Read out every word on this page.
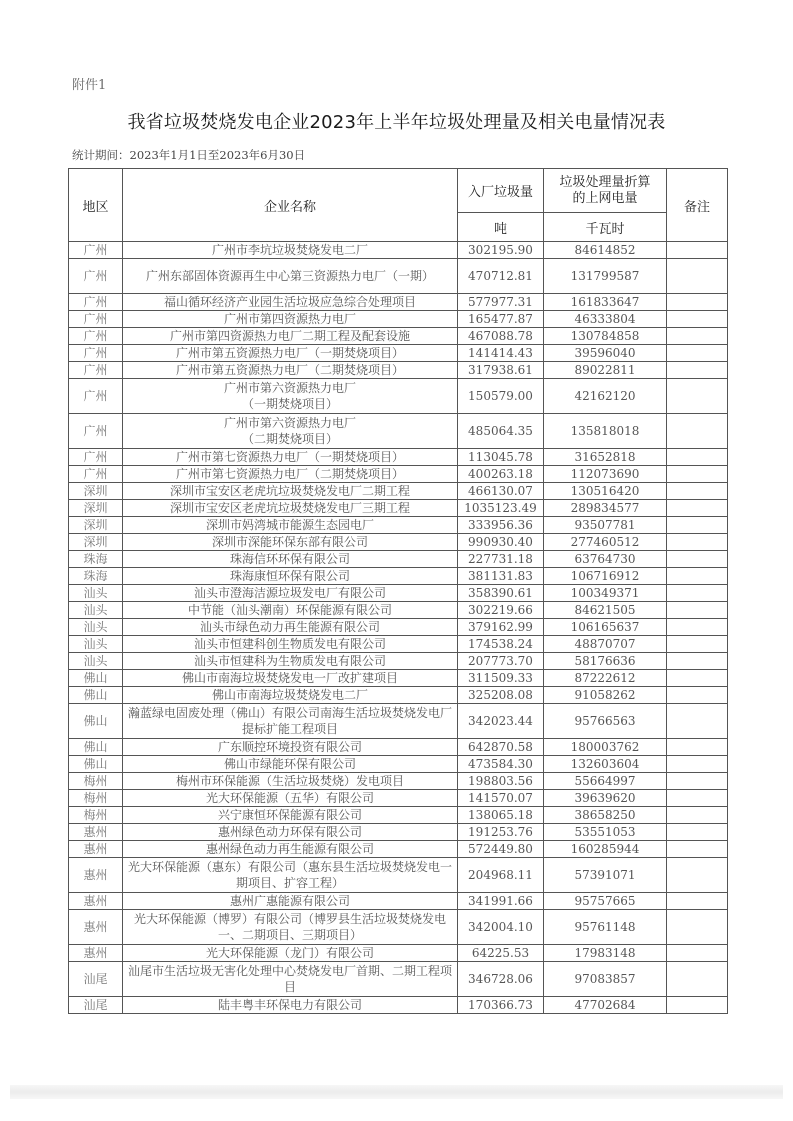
附件1
我省垃圾焚烧发电企业2023年上半年垃圾处理量及相关电量情况表
统计期间：2023年1月1日至2023年6月30日
地区	企业名称	入厂垃圾量	垃圾处理量折算的上网电量	备注
		吨	千瓦时	
广州	广州市李坑垃圾焚烧发电二厂	302195.90	84614852	
广州	广州东部固体资源再生中心第三资源热力电厂（一期）	470712.81	131799587	
广州	福山循环经济产业园生活垃圾应急综合处理项目	577977.31	161833647	
广州	广州市第四资源热力电厂	165477.87	46333804	
广州	广州市第四资源热力电厂二期工程及配套设施	467088.78	130784858	
广州	广州市第五资源热力电厂（一期焚烧项目）	141414.43	39596040	
广州	广州市第五资源热力电厂（二期焚烧项目）	317938.61	89022811	
广州	广州市第六资源热力电厂
（一期焚烧项目）	150579.00	42162120	
广州	广州市第六资源热力电厂
（二期焚烧项目）	485064.35	135818018	
广州	广州市第七资源热力电厂（一期焚烧项目）	113045.78	31652818	
广州	广州市第七资源热力电厂（二期焚烧项目）	400263.18	112073690	
深圳	深圳市宝安区老虎坑垃圾焚烧发电厂二期工程	466130.07	130516420	
深圳	深圳市宝安区老虎坑垃圾焚烧发电厂三期工程	1035123.49	289834577	
深圳	深圳市妈湾城市能源生态园电厂	333956.36	93507781	
深圳	深圳市深能环保东部有限公司	990930.40	277460512	
珠海	珠海信环环保有限公司	227731.18	63764730	
珠海	珠海康恒环保有限公司	381131.83	106716912	
汕头	汕头市澄海洁源垃圾发电厂有限公司	358390.61	100349371	
汕头	中节能（汕头潮南）环保能源有限公司	302219.66	84621505	
汕头	汕头市绿色动力再生能源有限公司	379162.99	106165637	
汕头	汕头市恒建科创生物质发电有限公司	174538.24	48870707	
汕头	汕头市恒建科为生物质发电有限公司	207773.70	58176636	
佛山	佛山市南海垃圾焚烧发电一厂改扩建项目	311509.33	87222612	
佛山	佛山市南海垃圾焚烧发电二厂	325208.08	91058262	
佛山	瀚蓝绿电固废处理（佛山）有限公司南海生活垃圾焚烧发电厂提标扩能工程项目	342023.44	95766563	
佛山	广东顺控环境投资有限公司	642870.58	180003762	
佛山	佛山市绿能环保有限公司	473584.30	132603604	
梅州	梅州市环保能源（生活垃圾焚烧）发电项目	198803.56	55664997	
梅州	光大环保能源（五华）有限公司	141570.07	39639620	
梅州	兴宁康恒环保能源有限公司	138065.18	38658250	
惠州	惠州绿色动力环保有限公司	191253.76	53551053	
惠州	惠州绿色动力再生能源有限公司	572449.80	160285944	
惠州	光大环保能源（惠东）有限公司（惠东县生活垃圾焚烧发电一期项目、扩容工程）	204968.11	57391071	
惠州	惠州广惠能源有限公司	341991.66	95757665	
惠州	光大环保能源（博罗）有限公司（博罗县生活垃圾焚烧发电一、二期项目、三期项目）	342004.10	95761148	
惠州	光大环保能源（龙门）有限公司	64225.53	17983148	
汕尾	汕尾市生活垃圾无害化处理中心焚烧发电厂首期、二期工程项目	346728.06	97083857	
汕尾	陆丰粤丰环保电力有限公司	170366.73	47702684	
